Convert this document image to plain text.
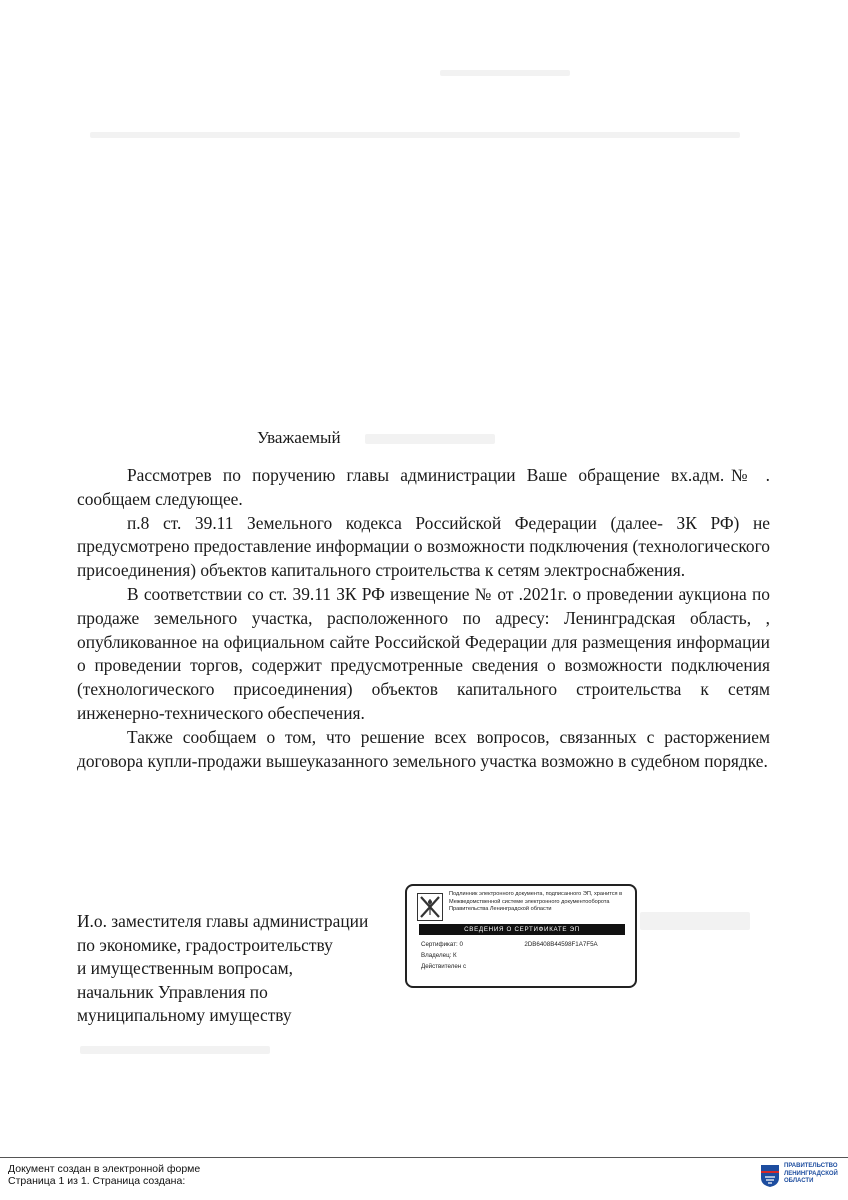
Уважаемый

Рассмотрев по поручению главы администрации Ваше обращение вх.адм.№ . сообщаем следующее.

п.8 ст. 39.11 Земельного кодекса Российской Федерации (далее- ЗК РФ) не предусмотрено предоставление информации о возможности подключения (технологического присоединения) объектов капитального строительства к сетям электроснабжения.

В соответствии со ст. 39.11 ЗК РФ извещение № от .2021г. о проведении аукциона по продаже земельного участка, расположенного по адресу: Ленинградская область, , опубликованное на официальном сайте Российской Федерации для размещения информации о проведении торгов, содержит предусмотренные сведения о возможности подключения (технологического присоединения) объектов капитального строительства к сетям инженерно-технического обеспечения.

Также сообщаем о том, что решение всех вопросов, связанных с расторжением договора купли-продажи вышеуказанного земельного участка возможно в судебном порядке.

И.о. заместителя главы администрации
по экономике, градостроительству
и имущественным вопросам,
начальник Управления по
муниципальному имуществу
Подлинник электронного документа, подписанного ЭП, хранится в Межведомственной системе электронного документооборота Правительства Ленинградской области
СВЕДЕНИЯ О СЕРТИФИКАТЕ ЭП
Сертификат: 0	2DB6408B44598F1A7F5A
Владелец: К
Действителен с
Документ создан в электронной форме
Страница 1 из 1. Страница создана:
ПРАВИТЕЛЬСТВО ЛЕНИНГРАДСКОЙ ОБЛАСТИ
